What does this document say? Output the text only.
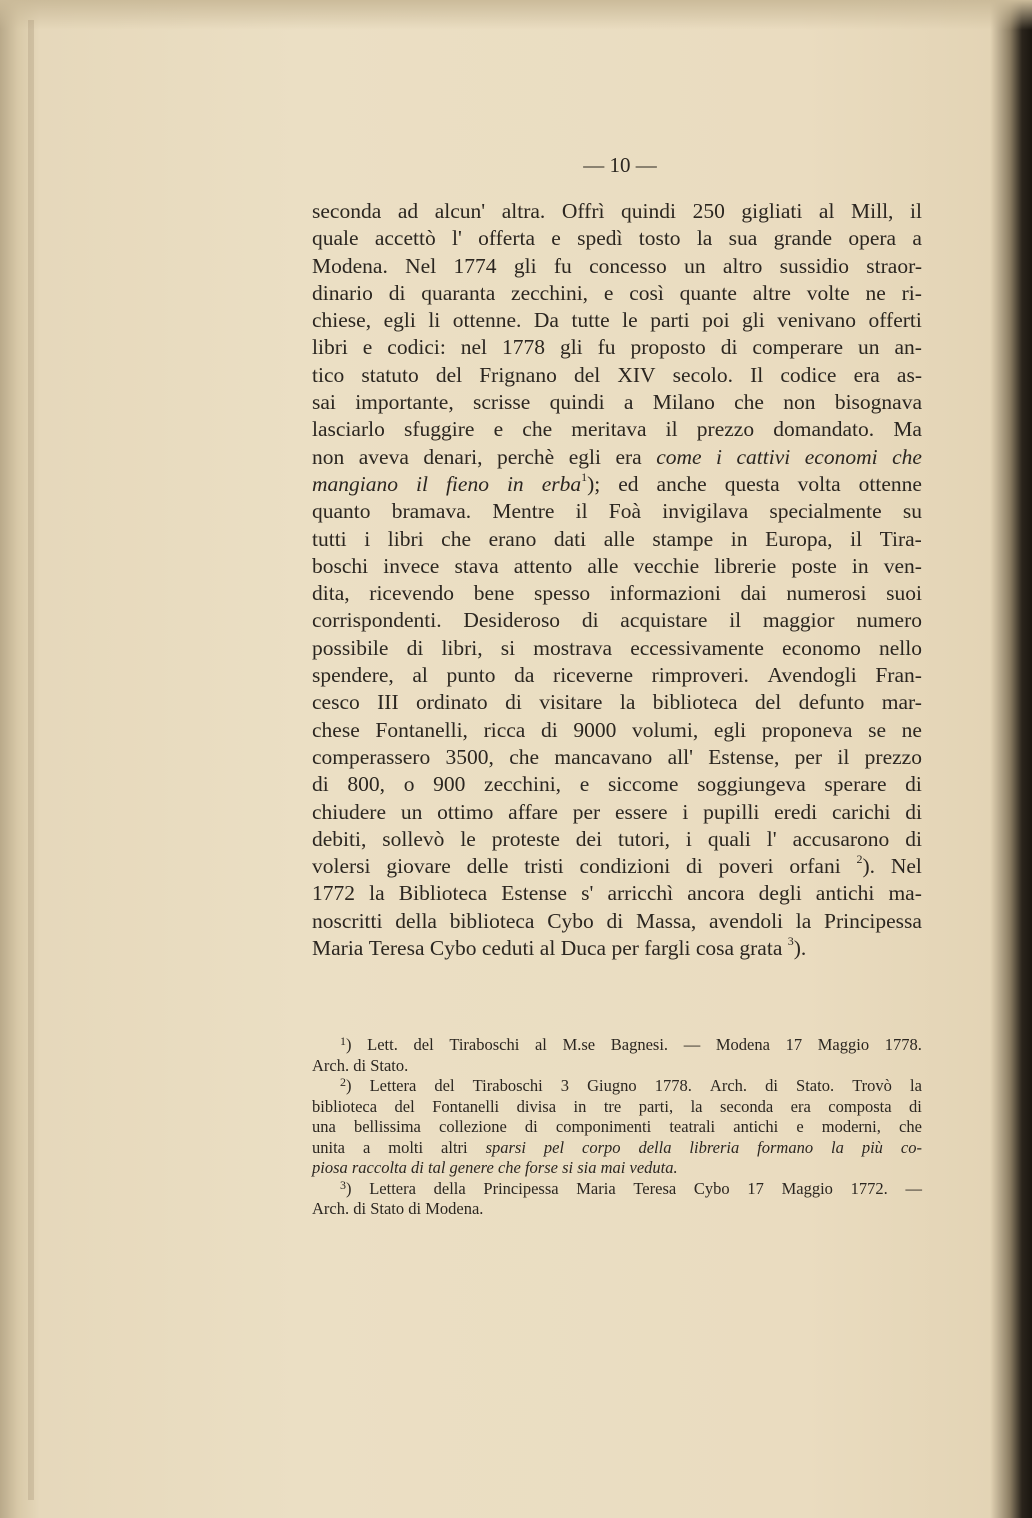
— 10 —
seconda ad alcun' altra. Offrì quindi 250 gigliati al Mill, il
quale accettò l' offerta e spedì tosto la sua grande opera a
Modena. Nel 1774 gli fu concesso un altro sussidio straor-
dinario di quaranta zecchini, e così quante altre volte ne ri-
chiese, egli li ottenne. Da tutte le parti poi gli venivano offerti
libri e codici: nel 1778 gli fu proposto di comperare un an-
tico statuto del Frignano del XIV secolo. Il codice era as-
sai importante, scrisse quindi a Milano che non bisognava
lasciarlo sfuggire e che meritava il prezzo domandato. Ma
non aveva denari, perchè egli era come i cattivi economi che
mangiano il fieno in erba$^1$); ed anche questa volta ottenne
quanto bramava. Mentre il Foà invigilava specialmente su
tutti i libri che erano dati alle stampe in Europa, il Tira-
boschi invece stava attento alle vecchie librerie poste in ven-
dita, ricevendo bene spesso informazioni dai numerosi suoi
corrispondenti. Desideroso di acquistare il maggior numero
possibile di libri, si mostrava eccessivamente economo nello
spendere, al punto da riceverne rimproveri. Avendogli Fran-
cesco III ordinato di visitare la biblioteca del defunto mar-
chese Fontanelli, ricca di 9000 volumi, egli proponeva se ne
comperassero 3500, che mancavano all' Estense, per il prezzo
di 800, o 900 zecchini, e siccome soggiungeva sperare di
chiudere un ottimo affare per essere i pupilli eredi carichi di
debiti, sollevò le proteste dei tutori, i quali l' accusarono di
volersi giovare delle tristi condizioni di poveri orfani $^2$). Nel
1772 la Biblioteca Estense s' arricchì ancora degli antichi ma-
noscritti della biblioteca Cybo di Massa, avendoli la Principessa
Maria Teresa Cybo ceduti al Duca per fargli cosa grata $^3$).
$^1$) Lett. del Tiraboschi al M.se Bagnesi. — Modena 17 Maggio 1778.
Arch. di Stato.
$^2$) Lettera del Tiraboschi 3 Giugno 1778. Arch. di Stato. Trovò la
biblioteca del Fontanelli divisa in tre parti, la seconda era composta di
una bellissima collezione di componimenti teatrali antichi e moderni, che
unita a molti altri sparsi pel corpo della libreria formano la più co-
piosa raccolta di tal genere che forse si sia mai veduta.
$^3$) Lettera della Principessa Maria Teresa Cybo 17 Maggio 1772. —
Arch. di Stato di Modena.
